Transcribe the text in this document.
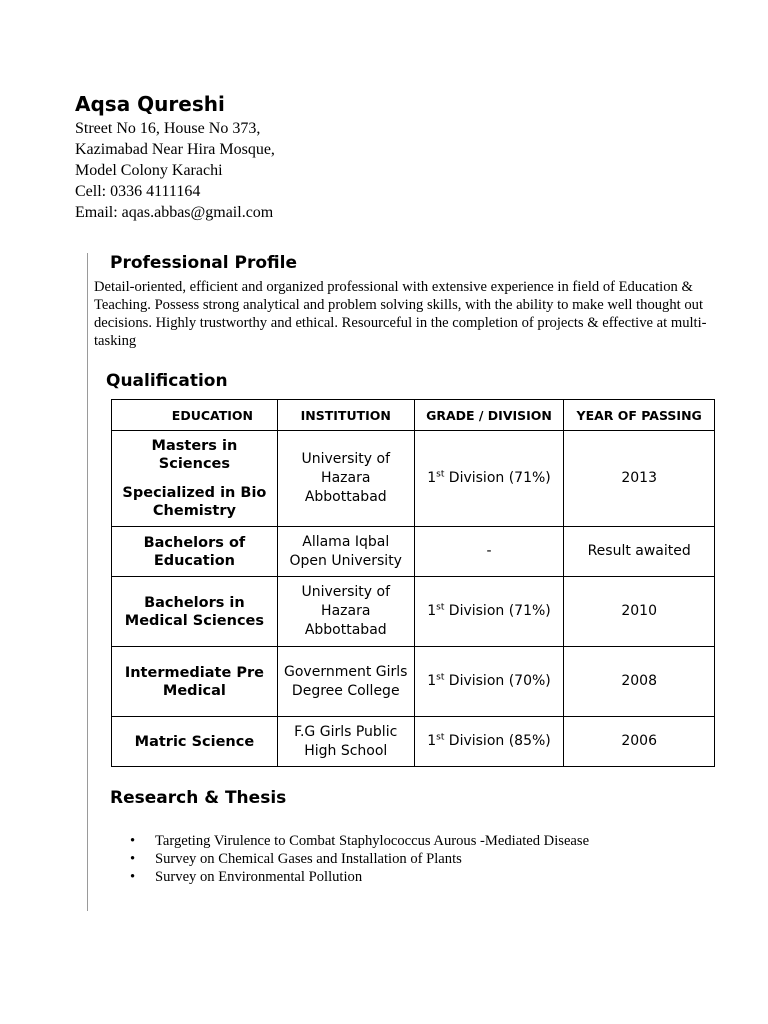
Aqsa Qureshi
Street No 16, House No 373,
Kazimabad Near Hira Mosque,
Model Colony Karachi
Cell: 0336 4111164
Email: aqas.abbas@gmail.com
Professional Profile

Detail-oriented, efficient and organized professional with extensive experience in field of Education & Teaching. Possess strong analytical and problem solving skills, with the ability to make well thought out decisions. Highly trustworthy and ethical. Resourceful in the completion of projects & effective at multi-tasking

Qualification
EDUCATION	INSTITUTION	GRADE / DIVISION	YEAR OF PASSING
Masters in Sciences
Specialized in Bio Chemistry	University of Hazara Abbottabad	1st Division (71%)	2013
Bachelors of Education	Allama Iqbal Open University	-	Result awaited
Bachelors in Medical Sciences	University of Hazara Abbottabad	1st Division (71%)	2010
Intermediate Pre Medical	Government Girls Degree College	1st Division (70%)	2008
Matric Science	F.G Girls Public High School	1st Division (85%)	2006
Research & Thesis
• Targeting Virulence to Combat Staphylococcus Aurous -Mediated Disease
• Survey on Chemical Gases and Installation of Plants
• Survey on Environmental Pollution
